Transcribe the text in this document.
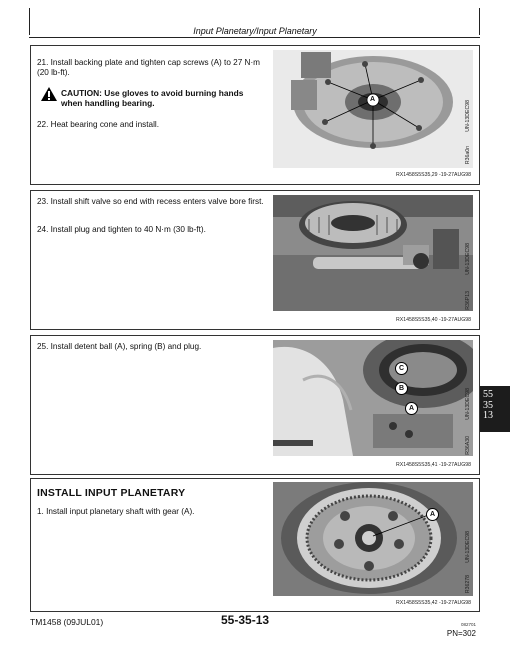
Input Planetary/Input Planetary
21. Install backing plate and tighten cap screws (A) to 27 N·m (20 lb-ft).
CAUTION: Use gloves to avoid burning hands when handling bearing.
22. Heat bearing cone and install.
A
UN-13DEC98
R36a0n
RX1458S5S35,29 -19-27AUG98
23. Install shift valve so end with recess enters valve bore first.
24. Install plug and tighten to 40 N·m (30 lb-ft).
UN-13DEC98
R36P13
RX1458S5S35,40 -19-27AUG98
25. Install detent ball (A), spring (B) and plug.
C
B
A	UN-13DEC98
R36A30
RX1458S5S35,41 -19-27AUG98
INSTALL INPUT PLANETARY
1. Install input planetary shaft with gear (A).	A
UN-13DEC98
R36278
RX1458S5S35,42 -19-27AUG98
55
35
13
TM1458 (09JUL01)	55-35-13	082701
PN=302
